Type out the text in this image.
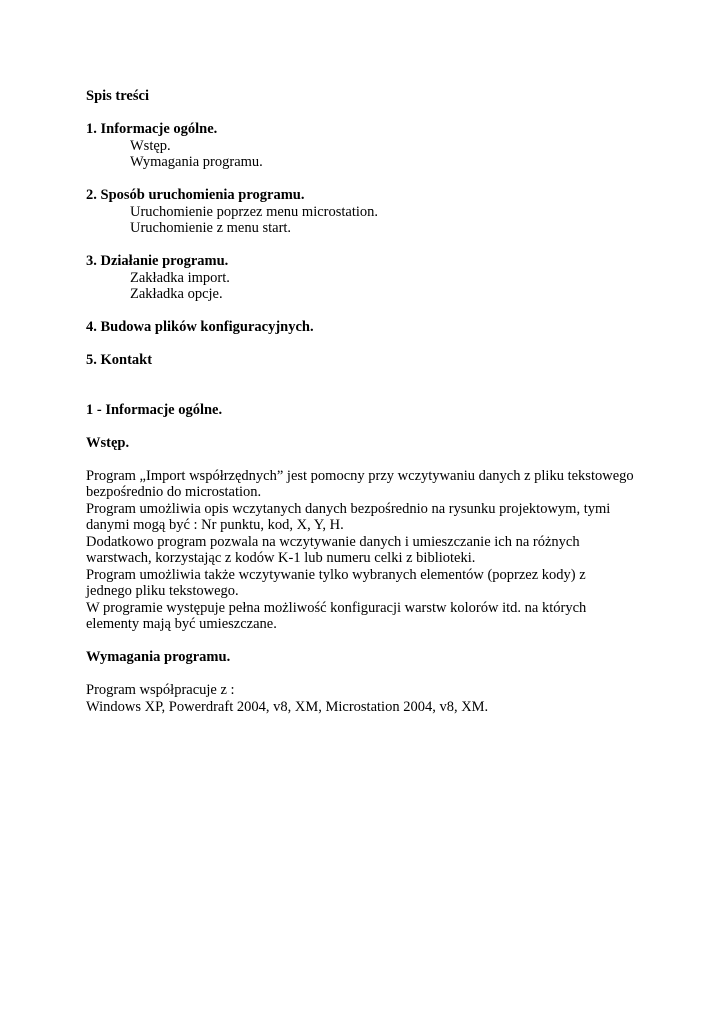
Spis treści
1. Informacje ogólne.
Wstęp.
Wymagania programu.
2. Sposób uruchomienia programu.
Uruchomienie poprzez menu microstation.
Uruchomienie z menu start.
3. Działanie programu.
Zakładka import.
Zakładka opcje.
4. Budowa plików konfiguracyjnych.
5. Kontakt
1 - Informacje ogólne.
Wstęp.
Program „Import współrzędnych” jest pomocny przy wczytywaniu danych z pliku tekstowego
bezpośrednio do microstation.
Program umożliwia opis wczytanych danych bezpośrednio na rysunku projektowym, tymi
danymi mogą być : Nr punktu, kod, X, Y, H.
Dodatkowo program pozwala na wczytywanie danych i umieszczanie ich na różnych
warstwach, korzystając z kodów K-1 lub numeru celki z biblioteki.
Program umożliwia także wczytywanie tylko wybranych elementów (poprzez kody) z
jednego pliku tekstowego.
W programie występuje pełna możliwość konfiguracji warstw kolorów itd. na których
elementy mają być umieszczane.
Wymagania programu.
Program współpracuje z :
Windows XP, Powerdraft 2004, v8, XM, Microstation 2004, v8, XM.
